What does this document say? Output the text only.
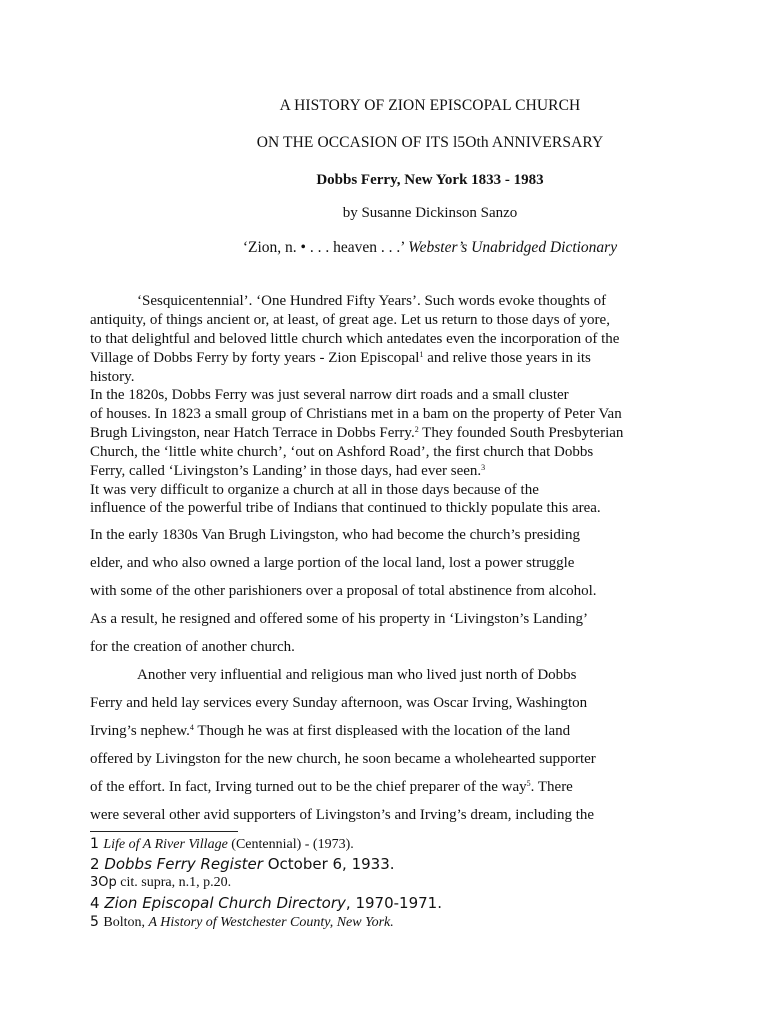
A HISTORY OF ZION EPISCOPAL CHURCH
ON THE OCCASION OF ITS l5Oth ANNIVERSARY
Dobbs Ferry, New York 1833 - 1983
by Susanne Dickinson Sanzo
‘Zion, n. • . . . heaven . . .’ Webster’s Unabridged Dictionary
‘Sesquicentennial’. ‘One Hundred Fifty Years’. Such words evoke thoughts of
antiquity, of things ancient or, at least, of great age. Let us return to those days of yore,
to that delightful and beloved little church which antedates even the incorporation of the
Village of Dobbs Ferry by forty years - Zion Episcopal$^1$ and relive those years in its
history.
In the 1820s, Dobbs Ferry was just several narrow dirt roads and a small cluster
of houses. In 1823 a small group of Christians met in a bam on the property of Peter Van
Brugh Livingston, near Hatch Terrace in Dobbs Ferry.$^2$ They founded South Presbyterian
Church, the ‘little white church’, ‘out on Ashford Road’, the first church that Dobbs
Ferry, called ‘Livingston’s Landing’ in those days, had ever seen.$^3$
It was very difficult to organize a church at all in those days because of the
influence of the powerful tribe of Indians that continued to thickly populate this area.
In the early 1830s Van Brugh Livingston, who had become the church’s presiding
elder, and who also owned a large portion of the local land, lost a power struggle
with some of the other parishioners over a proposal of total abstinence from alcohol.
As a result, he resigned and offered some of his property in ‘Livingston’s Landing’
for the creation of another church.
Another very influential and religious man who lived just north of Dobbs
Ferry and held lay services every Sunday afternoon, was Oscar Irving, Washington
Irving’s nephew.$^4$ Though he was at first displeased with the location of the land
offered by Livingston for the new church, he soon became a wholehearted supporter
of the effort. In fact, Irving turned out to be the chief preparer of the way$^5$. There
were several other avid supporters of Livingston’s and Irving’s dream, including the
1 Life of A River Village (Centennial) - (1973).
2 Dobbs Ferry Register October 6, 1933.
3Op cit. supra, n.1, p.20.
4 Zion Episcopal Church Directory, 1970-1971.
5 Bolton, A History of Westchester County, New York.
